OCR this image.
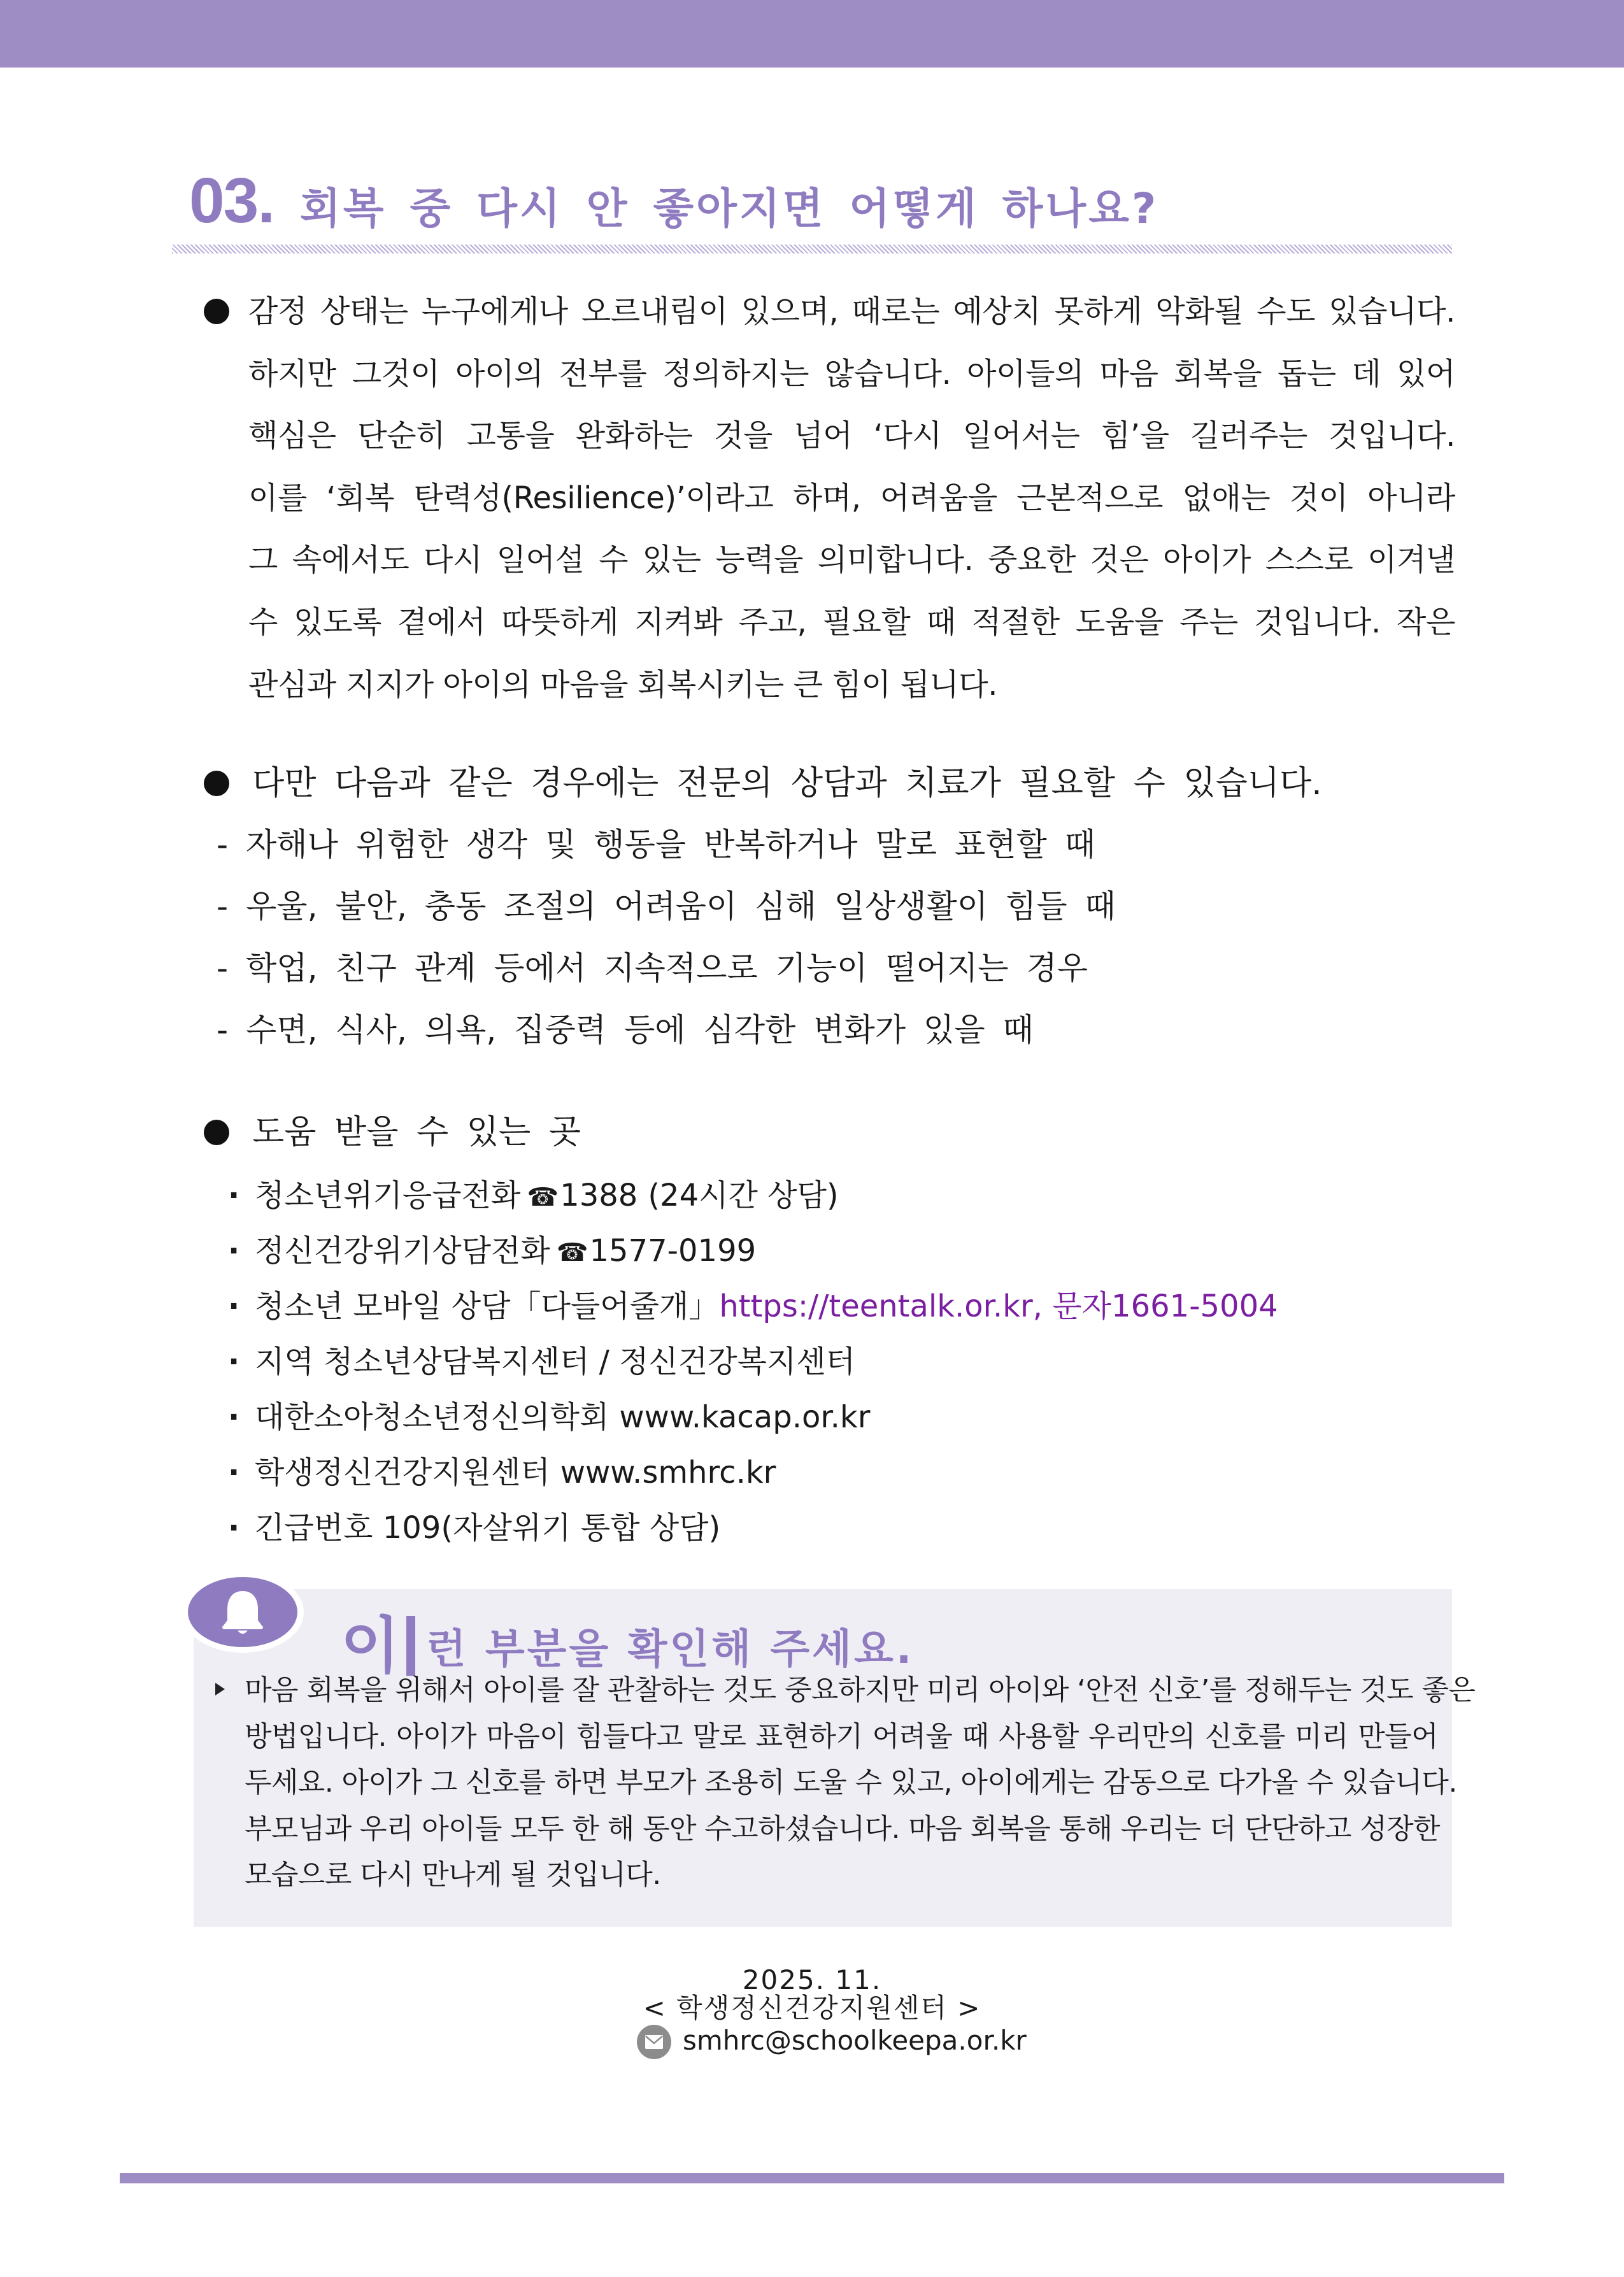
03. 회복 중 다시 안 좋아지면 어떻게 하나요?
감정 상태는 누구에게나 오르내림이 있으며, 때로는 예상치 못하게 악화될 수도 있습니다.
하지만 그것이 아이의 전부를 정의하지는 않습니다. 아이들의 마음 회복을 돕는 데 있어
핵심은 단순히 고통을 완화하는 것을 넘어 ‘다시 일어서는 힘’을 길러주는 것입니다.
이를 ‘회복 탄력성(Resilience)’이라고 하며, 어려움을 근본적으로 없애는 것이 아니라
그 속에서도 다시 일어설 수 있는 능력을 의미합니다. 중요한 것은 아이가 스스로 이겨낼
수 있도록 곁에서 따뜻하게 지켜봐 주고, 필요할 때 적절한 도움을 주는 것입니다. 작은
관심과 지지가 아이의 마음을 회복시키는 큰 힘이 됩니다.
다만 다음과 같은 경우에는 전문의 상담과 치료가 필요할 수 있습니다.
- 자해나 위험한 생각 및 행동을 반복하거나 말로 표현할 때
- 우울, 불안, 충동 조절의 어려움이 심해 일상생활이 힘들 때
- 학업, 친구 관계 등에서 지속적으로 기능이 떨어지는 경우
- 수면, 식사, 의욕, 집중력 등에 심각한 변화가 있을 때
도움 받을 수 있는 곳
· 청소년위기응급전화 ☎1388 (24시간 상담)
· 정신건강위기상담전화 ☎1577-0199
· 청소년 모바일 상담「다들어줄개」https://teentalk.or.kr, 문자1661-5004
· 지역 청소년상담복지센터 / 정신건강복지센터
· 대한소아청소년정신의학회 www.kacap.or.kr
· 학생정신건강지원센터 www.smhrc.kr
· 긴급번호 109(자살위기 통합 상담)
이런 부분을 확인해 주세요.
마음 회복을 위해서 아이를 잘 관찰하는 것도 중요하지만 미리 아이와 ‘안전 신호’를 정해두는 것도 좋은
방법입니다. 아이가 마음이 힘들다고 말로 표현하기 어려울 때 사용할 우리만의 신호를 미리 만들어
두세요. 아이가 그 신호를 하면 부모가 조용히 도울 수 있고, 아이에게는 감동으로 다가올 수 있습니다.
부모님과 우리 아이들 모두 한 해 동안 수고하셨습니다. 마음 회복을 통해 우리는 더 단단하고 성장한
모습으로 다시 만나게 될 것입니다.
2025. 11.
< 학생정신건강지원센터 >
smhrc@schoolkeepa.or.kr
